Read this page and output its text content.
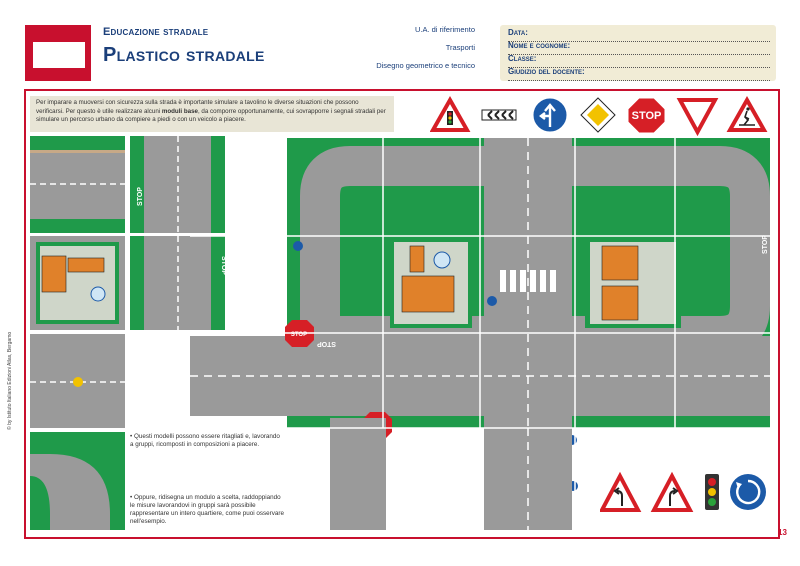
Educazione stradale
Plastico stradale
U.A. di riferimento
Trasporti
Disegno geometrico e tecnico
Data:
Nome e cognome:
Classe:
Giudizio del docente:
Per imparare a muoversi con sicurezza sulla strada è importante simulare a tavolino le diverse situazioni che possono verificarsi. Per questo è utile realizzare alcuni moduli base, da comporre opportunamente, cui sovrapporre i segnali stradali per simulare un percorso urbano da compiere a piedi o con un veicolo a piacere.	STOP
STOP
STOP
STOP
STOP
STOP
• Questi modelli possono essere ritagliati e, lavorando a gruppi, ricomposti in composizioni a piacere.
• Oppure, ridisegna un modulo a scelta, raddoppiando le misure lavorandovi in gruppi sarà possibile rappresentare un intero quartiere, come puoi osservare nell'esempio.
© by Istituto Italiano Edizioni Atlas, Bergamo
13
